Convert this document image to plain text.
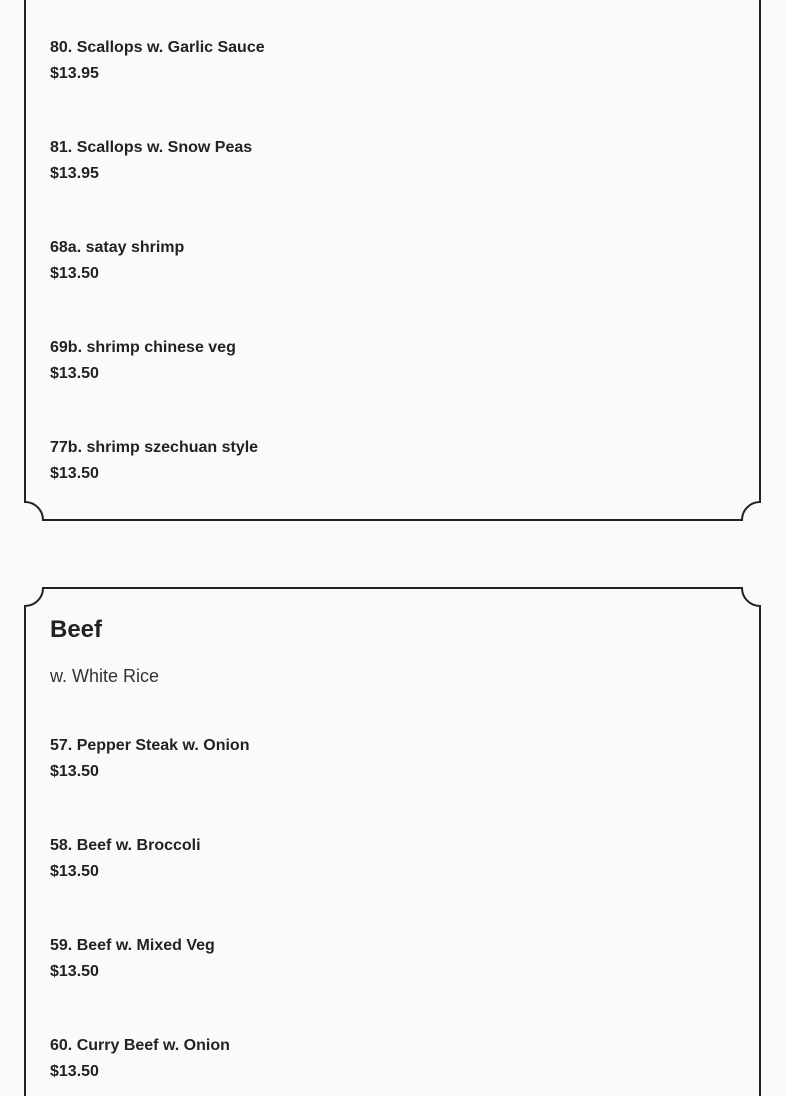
80. Scallops w. Garlic Sauce
$13.95
81. Scallops w. Snow Peas
$13.95
68a. satay shrimp
$13.50
69b. shrimp chinese veg
$13.50
77b. shrimp szechuan style
$13.50
Beef
w. White Rice
57. Pepper Steak w. Onion
$13.50
58. Beef w. Broccoli
$13.50
59. Beef w. Mixed Veg
$13.50
60. Curry Beef w. Onion
$13.50
